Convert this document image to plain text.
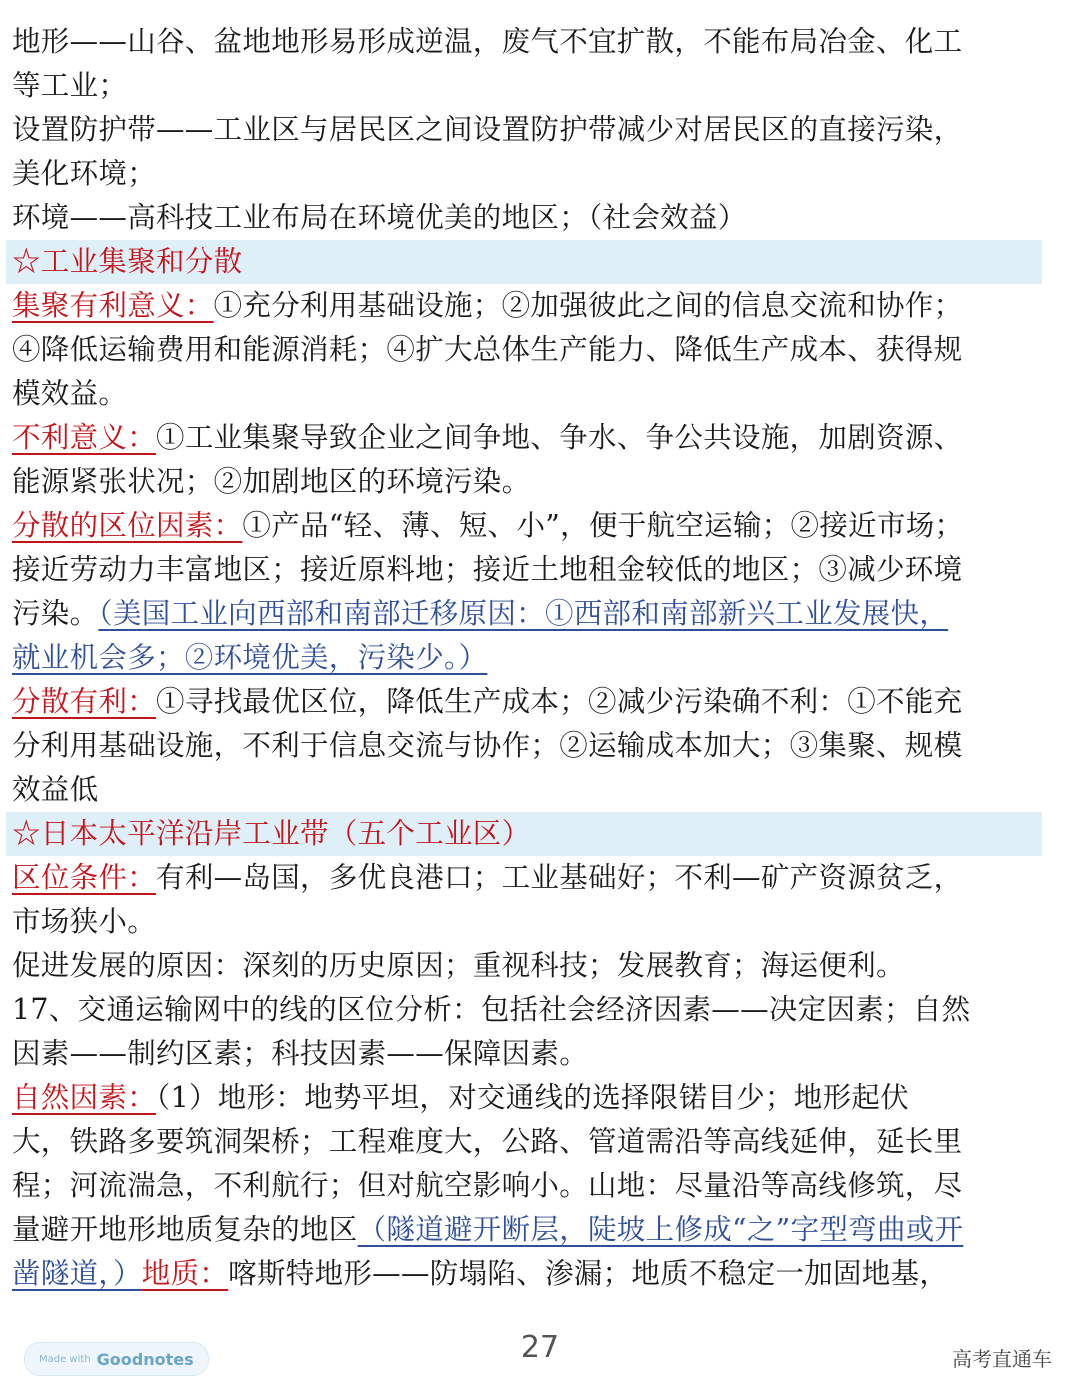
地形——山谷、盆地地形易形成逆温，废气不宜扩散，不能布局冶金、化工
等工业；
设置防护带——工业区与居民区之间设置防护带减少对居民区的直接污染，
美化环境；
环境——高科技工业布局在环境优美的地区；（社会效益）
☆工业集聚和分散
集聚有利意义：①充分利用基础设施；②加强彼此之间的信息交流和协作；
④降低运输费用和能源消耗；④扩大总体生产能力、降低生产成本、获得规
模效益。
不利意义：①工业集聚导致企业之间争地、争水、争公共设施，加剧资源、
能源紧张状况；②加剧地区的环境污染。
分散的区位因素：①产品“轻、薄、短、小”，便于航空运输；②接近市场；
接近劳动力丰富地区；接近原料地；接近土地租金较低的地区；③减少环境
污染。（美国工业向西部和南部迁移原因：①西部和南部新兴工业发展快，
就业机会多；②环境优美，污染少。）
分散有利：①寻找最优区位，降低生产成本；②减少污染确不利：①不能充
分利用基础设施，不利于信息交流与协作；②运输成本加大；③集聚、规模
效益低
☆日本太平洋沿岸工业带（五个工业区）
区位条件：有利—岛国，多优良港口；工业基础好；不利—矿产资源贫乏，
市场狭小。
促进发展的原因：深刻的历史原因；重视科技；发展教育；海运便利。
17、交通运输网中的线的区位分析：包括社会经济因素——决定因素；自然
因素——制约区素；科技因素——保障因素。
自然因素：（1）地形：地势平坦，对交通线的选择限锘目少；地形起伏
大，铁路多要筑洞架桥；工程难度大，公路、管道需沿等高线延伸，延长里
程；河流湍急，不利航行；但对航空影响小。山地：尽量沿等高线修筑，尽
量避开地形地质复杂的地区（隧道避开断层，陡坡上修成“之”字型弯曲或开
凿隧道，）地质：喀斯特地形——防塌陷、渗漏；地质不稳定一加固地基，
Made with Goodnotes	27	高考直通车
